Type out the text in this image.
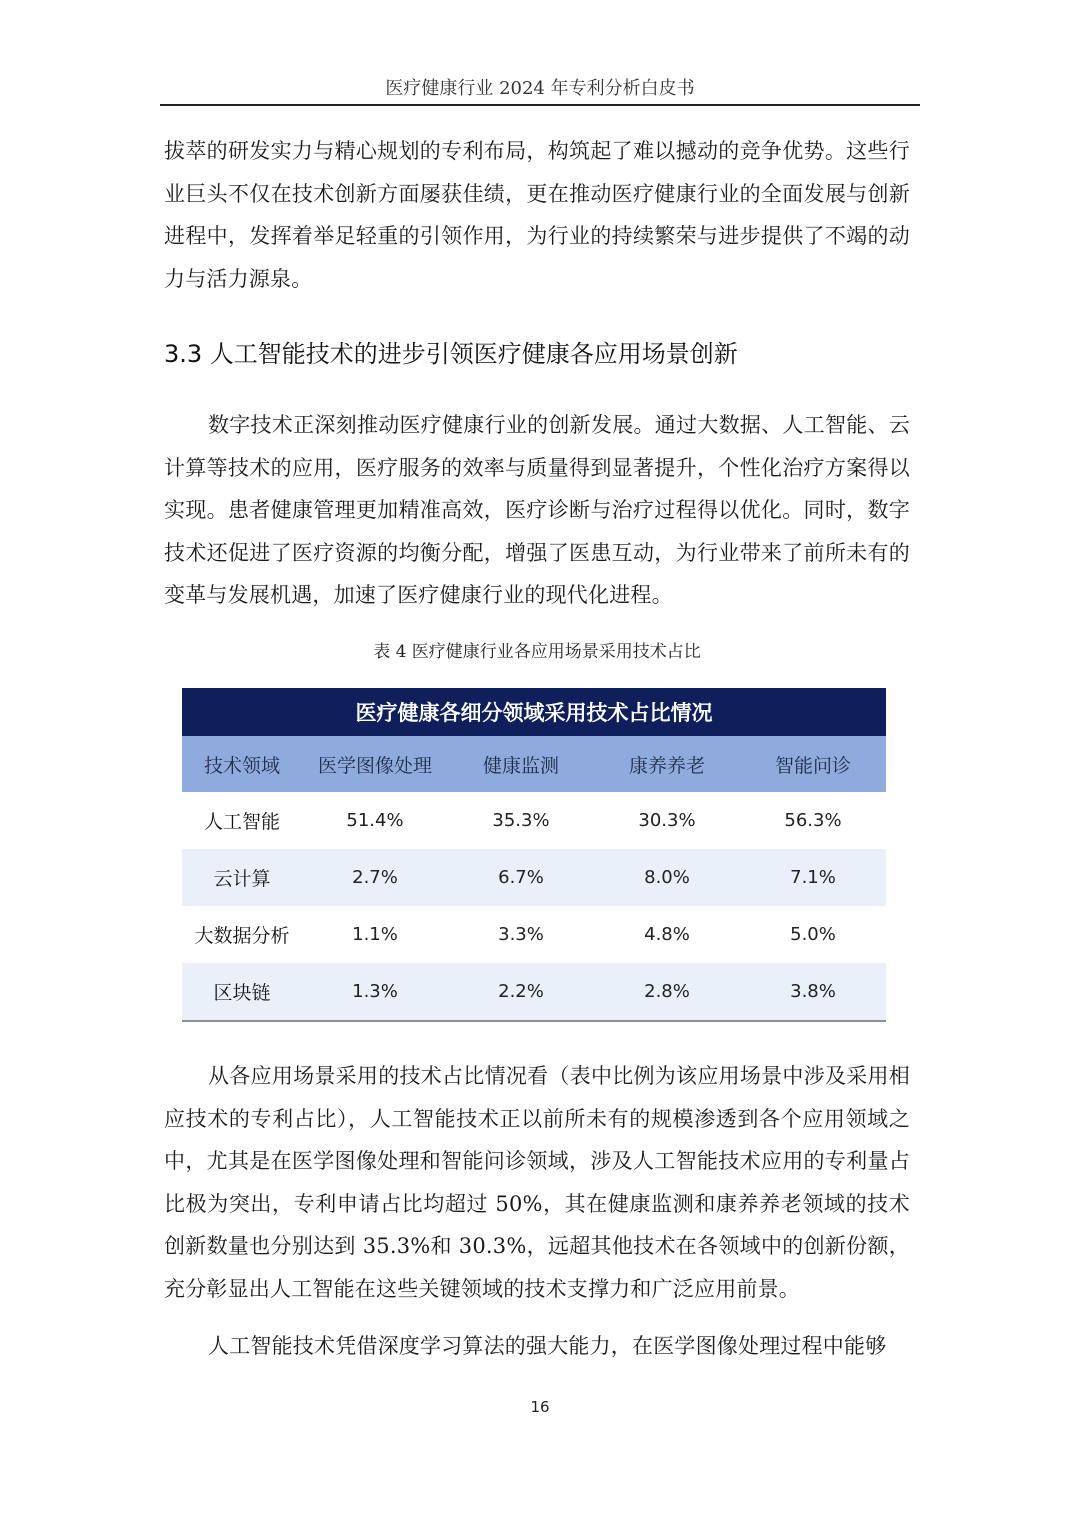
医疗健康行业 2024 年专利分析白皮书

拔萃的研发实力与精心规划的专利布局，构筑起了难以撼动的竞争优势。这些行业巨头不仅在技术创新方面屡获佳绩，更在推动医疗健康行业的全面发展与创新进程中，发挥着举足轻重的引领作用，为行业的持续繁荣与进步提供了不竭的动力与活力源泉。

3.3 人工智能技术的进步引领医疗健康各应用场景创新

数字技术正深刻推动医疗健康行业的创新发展。通过大数据、人工智能、云计算等技术的应用，医疗服务的效率与质量得到显著提升，个性化治疗方案得以实现。患者健康管理更加精准高效，医疗诊断与治疗过程得以优化。同时，数字技术还促进了医疗资源的均衡分配，增强了医患互动，为行业带来了前所未有的变革与发展机遇，加速了医疗健康行业的现代化进程。

表 4 医疗健康行业各应用场景采用技术占比
医疗健康各细分领域采用技术占比情况				
技术领域	医学图像处理	健康监测	康养养老	智能问诊
人工智能	51.4%	35.3%	30.3%	56.3%
云计算	2.7%	6.7%	8.0%	7.1%
大数据分析	1.1%	3.3%	4.8%	5.0%
区块链	1.3%	2.2%	2.8%	3.8%

从各应用场景采用的技术占比情况看（表中比例为该应用场景中涉及采用相应技术的专利占比），人工智能技术正以前所未有的规模渗透到各个应用领域之中，尤其是在医学图像处理和智能问诊领域，涉及人工智能技术应用的专利量占比极为突出，专利申请占比均超过 50%，其在健康监测和康养养老领域的技术创新数量也分别达到 35.3%和 30.3%，远超其他技术在各领域中的创新份额，充分彰显出人工智能在这些关键领域的技术支撑力和广泛应用前景。

人工智能技术凭借深度学习算法的强大能力，在医学图像处理过程中能够

16
